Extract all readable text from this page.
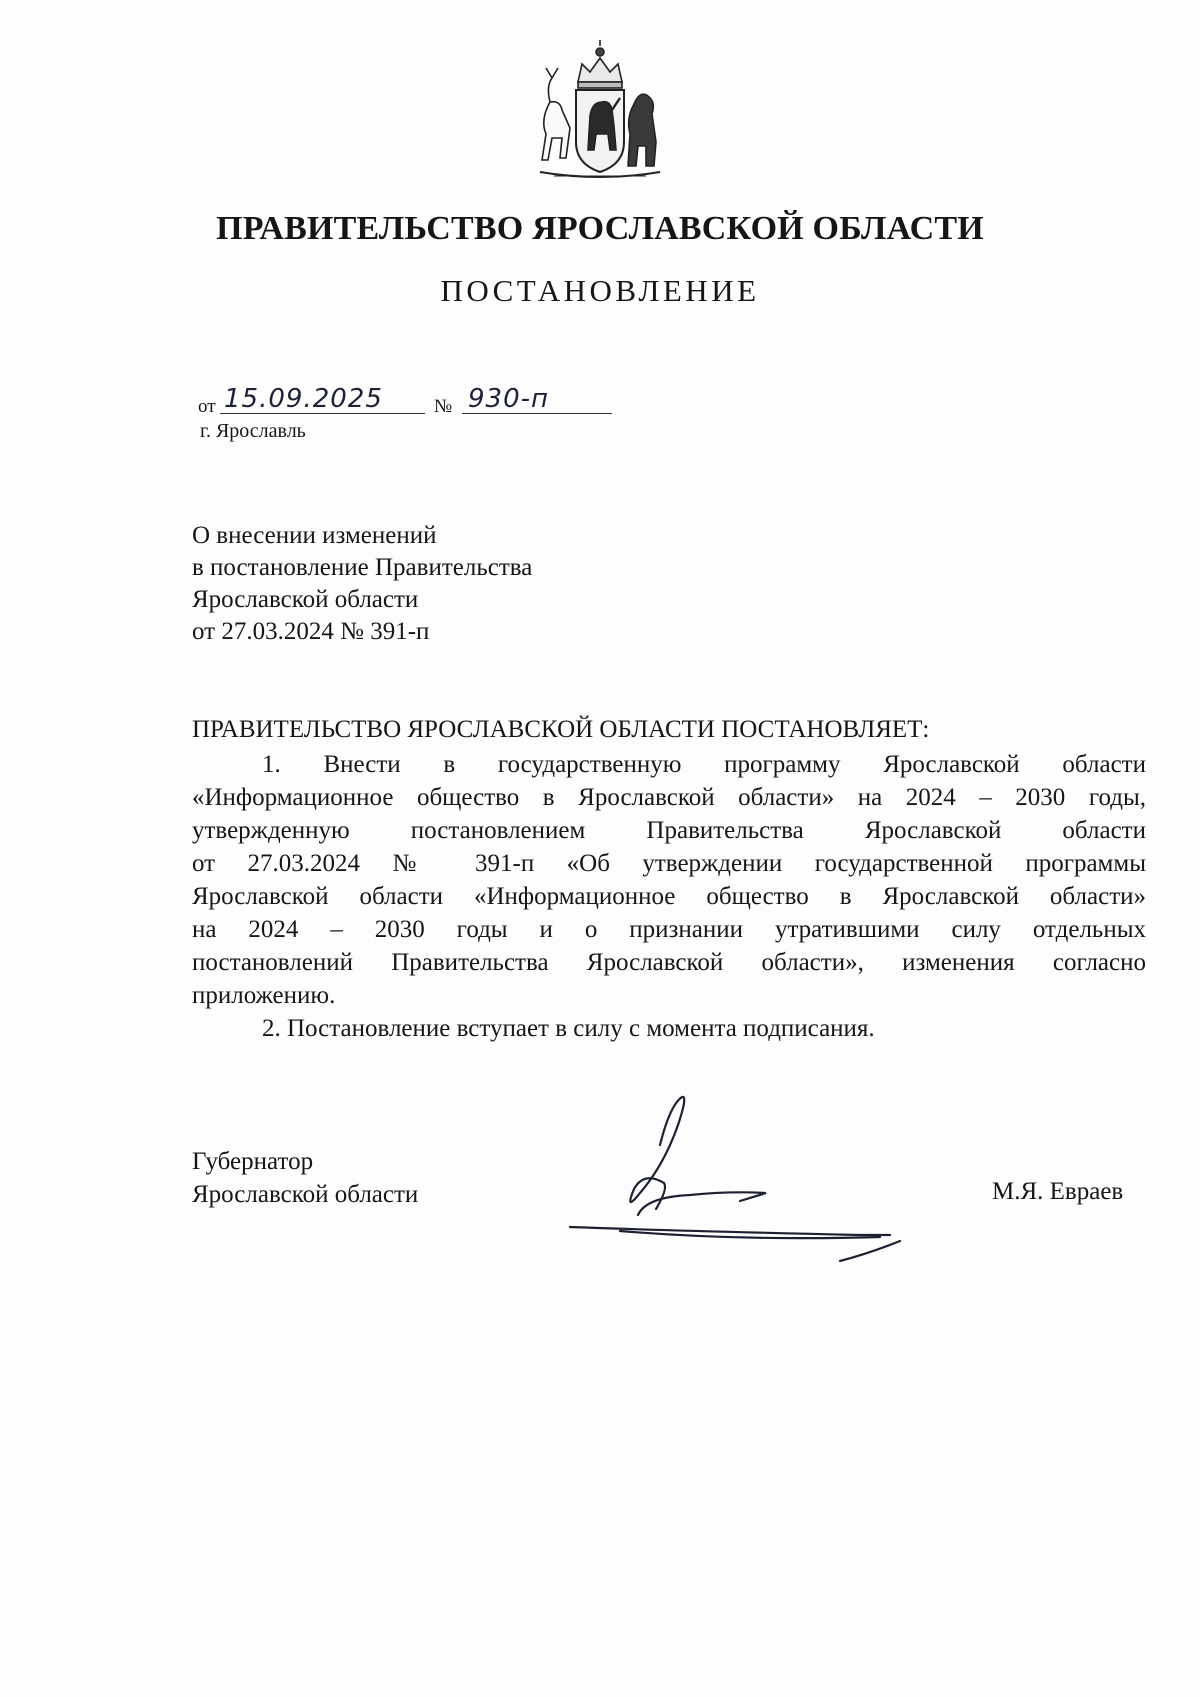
ПРАВИТЕЛЬСТВО ЯРОСЛАВСКОЙ ОБЛАСТИ
ПОСТАНОВЛЕНИЕ
от 15.09.2025	№ 930-п
г. Ярославль
О внесении изменений
в постановление Правительства
Ярославской области
от 27.03.2024 № 391-п
ПРАВИТЕЛЬСТВО ЯРОСЛАВСКОЙ ОБЛАСТИ ПОСТАНОВЛЯЕТ:
1. Внести в государственную программу Ярославской области
«Информационное общество в Ярославской области» на 2024 – 2030 годы,
утвержденную постановлением Правительства Ярославской области
от 27.03.2024 № 391-п «Об утверждении государственной программы
Ярославской области «Информационное общество в Ярославской области»
на 2024 – 2030 годы и о признании утратившими силу отдельных
постановлений Правительства Ярославской области», изменения согласно
приложению.
2. Постановление вступает в силу с момента подписания.
Губернатор
Ярославской области	М.Я. Евраев
